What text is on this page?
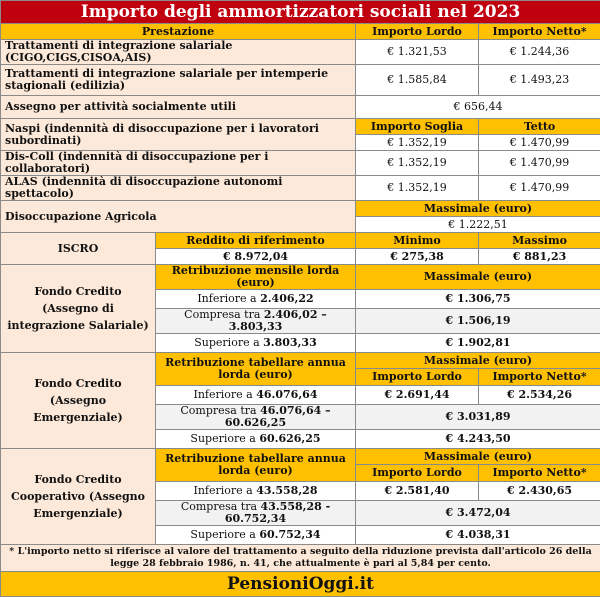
Importo degli ammortizzatori sociali nel 2023			
Prestazione		Importo Lordo	Importo Netto*
Trattamenti di integrazione salariale (CIGO,CIGS,CISOA,AIS)		€ 1.321,53	€ 1.244,36
Trattamenti di integrazione salariale per intemperie stagionali (edilizia)		€ 1.585,84	€ 1.493,23
Assegno per attività socialmente utili		€ 656,44	
Naspi (indennità di disoccupazione per i lavoratori subordinati)		Importo Soglia	Tetto
		€ 1.352,19	€ 1.470,99
Dis-Coll (indennità di disoccupazione per i collaboratori)		€ 1.352,19	€ 1.470,99
ALAS (indennità di disoccupazione autonomi spettacolo)		€ 1.352,19	€ 1.470,99
Disoccupazione Agricola		Massimale (euro)	
		€ 1.222,51	
ISCRO	Reddito di riferimento	Minimo	Massimo
	€ 8.972,04	€ 275,38	€ 881,23
Fondo Credito (Assegno di integrazione Salariale)	Retribuzione mensile lorda (euro)	Massimale (euro)	
	Inferiore a 2.406,22	€ 1.306,75	
	Compresa tra 2.406,02 – 3.803,33	€ 1.506,19	
	Superiore a 3.803,33	€ 1.902,81	
Fondo Credito (Assegno Emergenziale)	Retribuzione tabellare annua lorda (euro)	Massimale (euro)	
		Importo Lordo	Importo Netto*
	Inferiore a 46.076,64	€ 2.691,44	€ 2.534,26
	Compresa tra 46.076,64 – 60.626,25	€ 3.031,89	
	Superiore a 60.626,25	€ 4.243,50	
Fondo Credito Cooperativo (Assegno Emergenziale)	Retribuzione tabellare annua lorda (euro)	Massimale (euro)	
		Importo Lordo	Importo Netto*
	Inferiore a 43.558,28	€ 2.581,40	€ 2.430,65
	Compresa tra 43.558,28 - 60.752,34	€ 3.472,04	
	Superiore a 60.752,34	€ 4.038,31	
* L'importo netto si riferisce al valore del trattamento a seguito della riduzione prevista dall'articolo 26 della legge 28 febbraio 1986, n. 41, che attualmente è pari al 5,84 per cento.			
PensioniOggi.it			
